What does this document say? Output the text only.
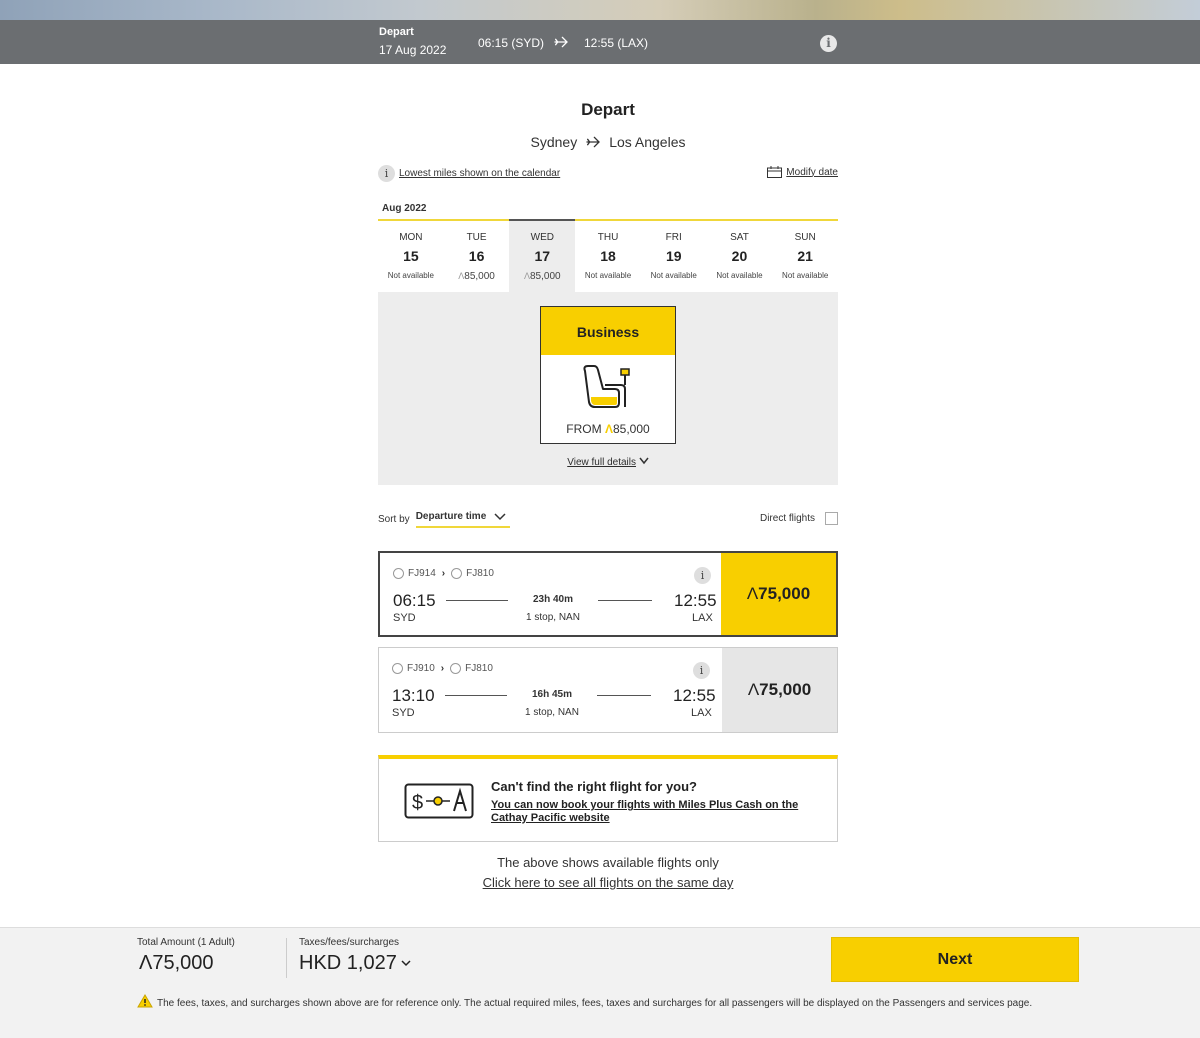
Depart
17 Aug 2022	06:15 (SYD)	12:55 (LAX)	i
Depart
Sydney Los Angeles
i	Lowest miles shown on the calendar	Modify date
Aug 2022
MON
15
Not available
TUE
16
Λ85,000
WED
17
Λ85,000
THU
18
Not available
FRI
19
Not available
SAT
20
Not available
SUN
21
Not available
Business
FROM Λ85,000
View full details
Sort by Departure time	Direct flights
FJ914 › FJ810
06:15
SYD
23h 40m
1 stop, NAN
i
12:55
LAX
Λ 75,000
FJ910 › FJ810
13:10
SYD
16h 45m
1 stop, NAN
i
12:55
LAX
Λ 75,000
$
Can't find the right flight for you?
You can now book your flights with Miles Plus Cash on the Cathay Pacific website
The above shows available flights only
Click here to see all flights on the same day
Total Amount (1 Adult)
Λ75,000
Taxes/fees/surcharges
HKD 1,027	Next
The fees, taxes, and surcharges shown above are for reference only. The actual required miles, fees, taxes and surcharges for all passengers will be displayed on the Passengers and services page.
